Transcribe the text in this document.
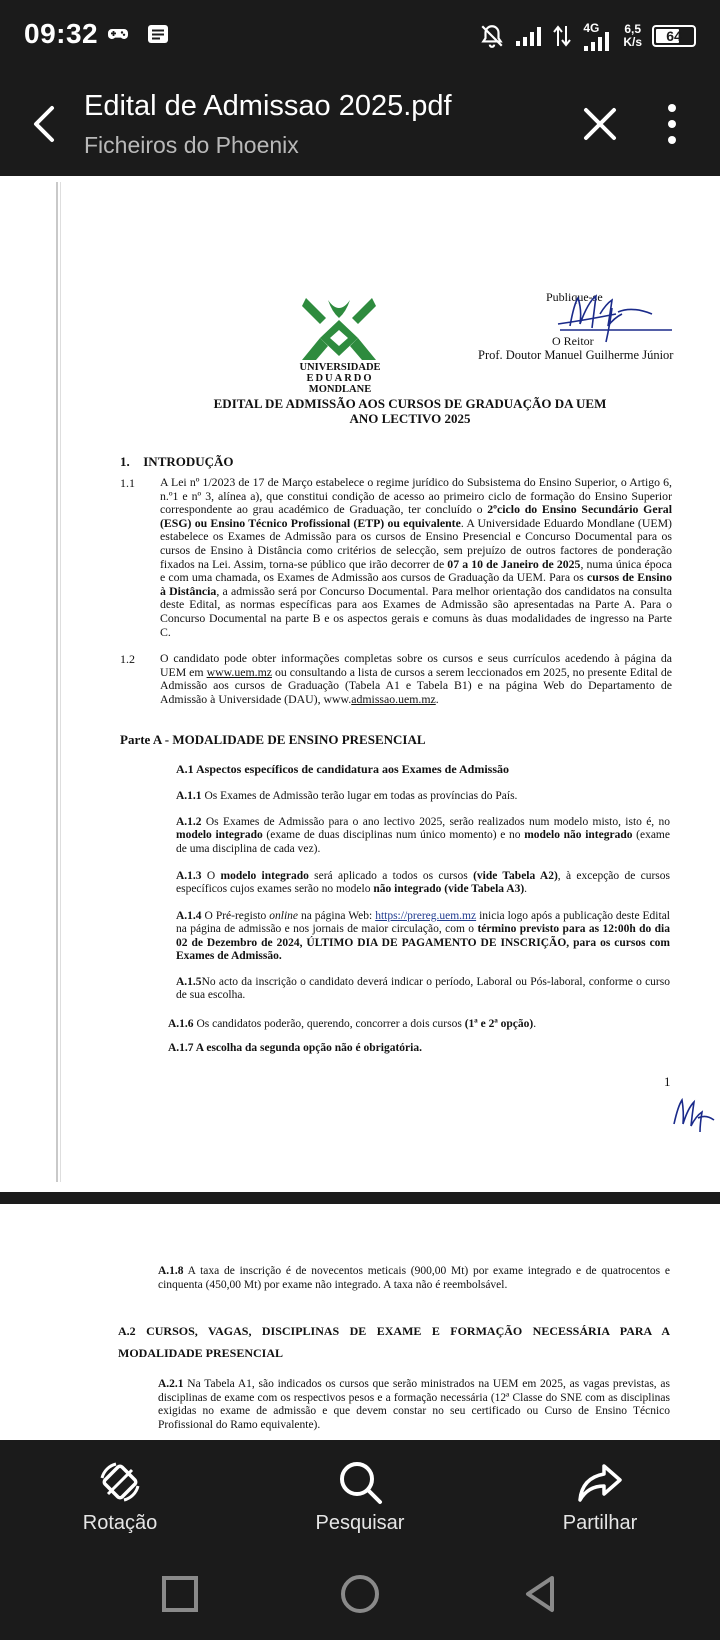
09:32	4G 6,5
K/s 64
Edital de Admissao 2025.pdf
Ficheiros do Phoenix
UNIVERSIDADE
EDUARDO
MONDLANE
Publique-se
O Reitor
Prof. Doutor Manuel Guilherme Júnior
EDITAL DE ADMISSÃO AOS CURSOS DE GRADUAÇÃO DA UEM
ANO LECTIVO 2025
1. INTRODUÇÃO
1.1 A Lei nº 1/2023 de 17 de Março estabelece o regime jurídico do Subsistema do Ensino Superior, o Artigo 6, n.º1 e nº 3, alínea a), que constitui condição de acesso ao primeiro ciclo de formação do Ensino Superior correspondente ao grau académico de Graduação, ter concluído o 2ºciclo do Ensino Secundário Geral (ESG) ou Ensino Técnico Profissional (ETP) ou equivalente. A Universidade Eduardo Mondlane (UEM) estabelece os Exames de Admissão para os cursos de Ensino Presencial e Concurso Documental para os cursos de Ensino à Distância como critérios de selecção, sem prejuízo de outros factores de ponderação fixados na Lei. Assim, torna-se público que irão decorrer de 07 a 10 de Janeiro de 2025, numa única época e com uma chamada, os Exames de Admissão aos cursos de Graduação da UEM. Para os cursos de Ensino à Distância, a admissão será por Concurso Documental. Para melhor orientação dos candidatos na consulta deste Edital, as normas específicas para aos Exames de Admissão são apresentadas na Parte A. Para o Concurso Documental na parte B e os aspectos gerais e comuns às duas modalidades de ingresso na Parte C.
1.2 O candidato pode obter informações completas sobre os cursos e seus currículos acedendo à página da UEM em www.uem.mz ou consultando a lista de cursos a serem leccionados em 2025, no presente Edital de Admissão aos cursos de Graduação (Tabela A1 e Tabela B1) e na página Web do Departamento de Admissão à Universidade (DAU), www.admissao.uem.mz.
Parte A - MODALIDADE DE ENSINO PRESENCIAL
A.1 Aspectos específicos de candidatura aos Exames de Admissão
A.1.1 Os Exames de Admissão terão lugar em todas as províncias do País.
A.1.2 Os Exames de Admissão para o ano lectivo 2025, serão realizados num modelo misto, isto é, no modelo integrado (exame de duas disciplinas num único momento) e no modelo não integrado (exame de uma disciplina de cada vez).
A.1.3 O modelo integrado será aplicado a todos os cursos (vide Tabela A2), à excepção de cursos específicos cujos exames serão no modelo não integrado (vide Tabela A3).
A.1.4 O Pré-registo online na página Web: https://prereg.uem.mz inicia logo após a publicação deste Edital na página de admissão e nos jornais de maior circulação, com o término previsto para as 12:00h do dia 02 de Dezembro de 2024, ÚLTIMO DIA DE PAGAMENTO DE INSCRIÇÃO, para os cursos com Exames de Admissão.
A.1.5No acto da inscrição o candidato deverá indicar o período, Laboral ou Pós-laboral, conforme o curso de sua escolha.
A.1.6 Os candidatos poderão, querendo, concorrer a dois cursos (1ª e 2ª opção).
A.1.7 A escolha da segunda opção não é obrigatória.
1
A.1.8 A taxa de inscrição é de novecentos meticais (900,00 Mt) por exame integrado e de quatrocentos e cinquenta (450,00 Mt) por exame não integrado. A taxa não é reembolsável.
A.2 CURSOS, VAGAS, DISCIPLINAS DE EXAME E FORMAÇÃO NECESSÁRIA PARA A MODALIDADE PRESENCIAL
A.2.1 Na Tabela A1, são indicados os cursos que serão ministrados na UEM em 2025, as vagas previstas, as disciplinas de exame com os respectivos pesos e a formação necessária (12ª Classe do SNE com as disciplinas exigidas no exame de admissão e que devem constar no seu certificado ou Curso de Ensino Técnico Profissional do Ramo equivalente).
Rotação	Pesquisar	Partilhar
